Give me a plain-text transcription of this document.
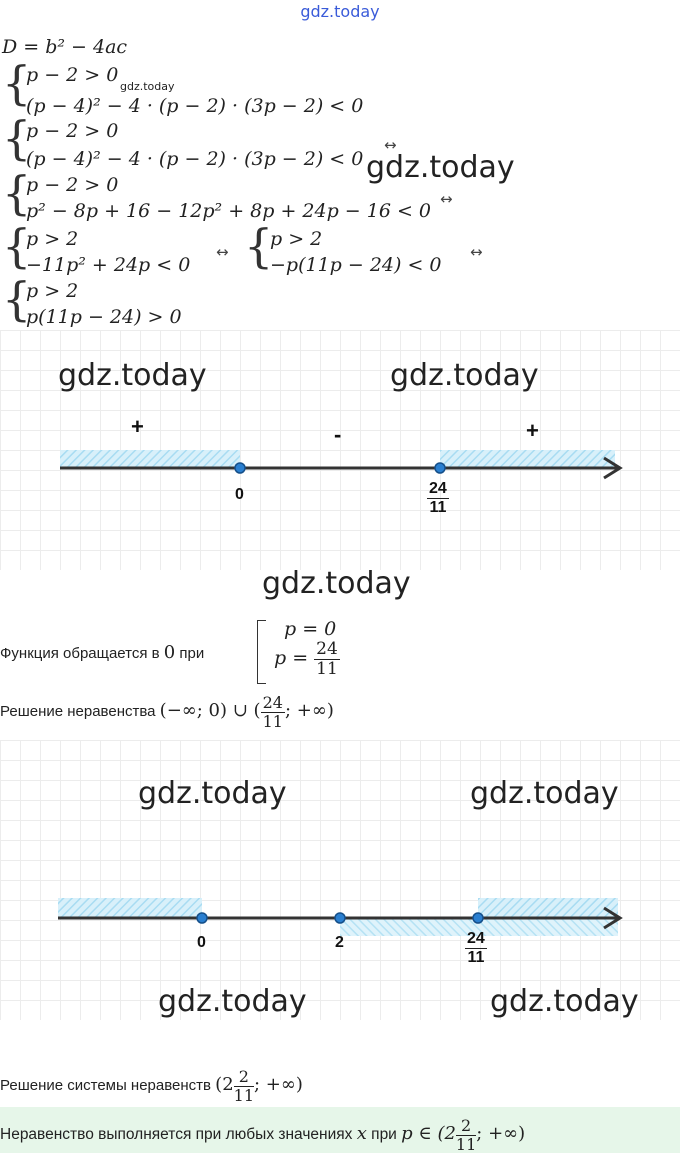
gdz.today
D = b² − 4ac
{
p − 2 > 0
(p − 4)² − 4 · (p − 2) · (3p − 2) < 0
gdz.today
{
p − 2 > 0
(p − 4)² − 4 · (p − 2) · (3p − 2) < 0
↔
gdz.today
{
p − 2 > 0
p² − 8p + 16 − 12p² + 8p + 24p − 16 < 0
↔
{
p > 2
−11p² + 24p < 0
↔ {
p > 2
−p(11p − 24) < 0
↔
{
p > 2
p(11p − 24) > 0
gdz.today	gdz.today
+	-	+
0	$\frac{24}{11}$
gdz.today
Функция обращается в 0 при
p = 0
$p = \frac{24}{11}$
Решение неравенства (−∞; 0) ∪ ( $\frac{24}{11}$ ; +∞)
gdz.today	gdz.today
0	2	$\frac{24}{11}$
gdz.today	gdz.today
Решение системы неравенств ($2 \frac{2}{11}$ ; +∞)
Неравенство выполняется при любых значениях x при p ∈ ($2 \frac{2}{11}$ ; +∞)
